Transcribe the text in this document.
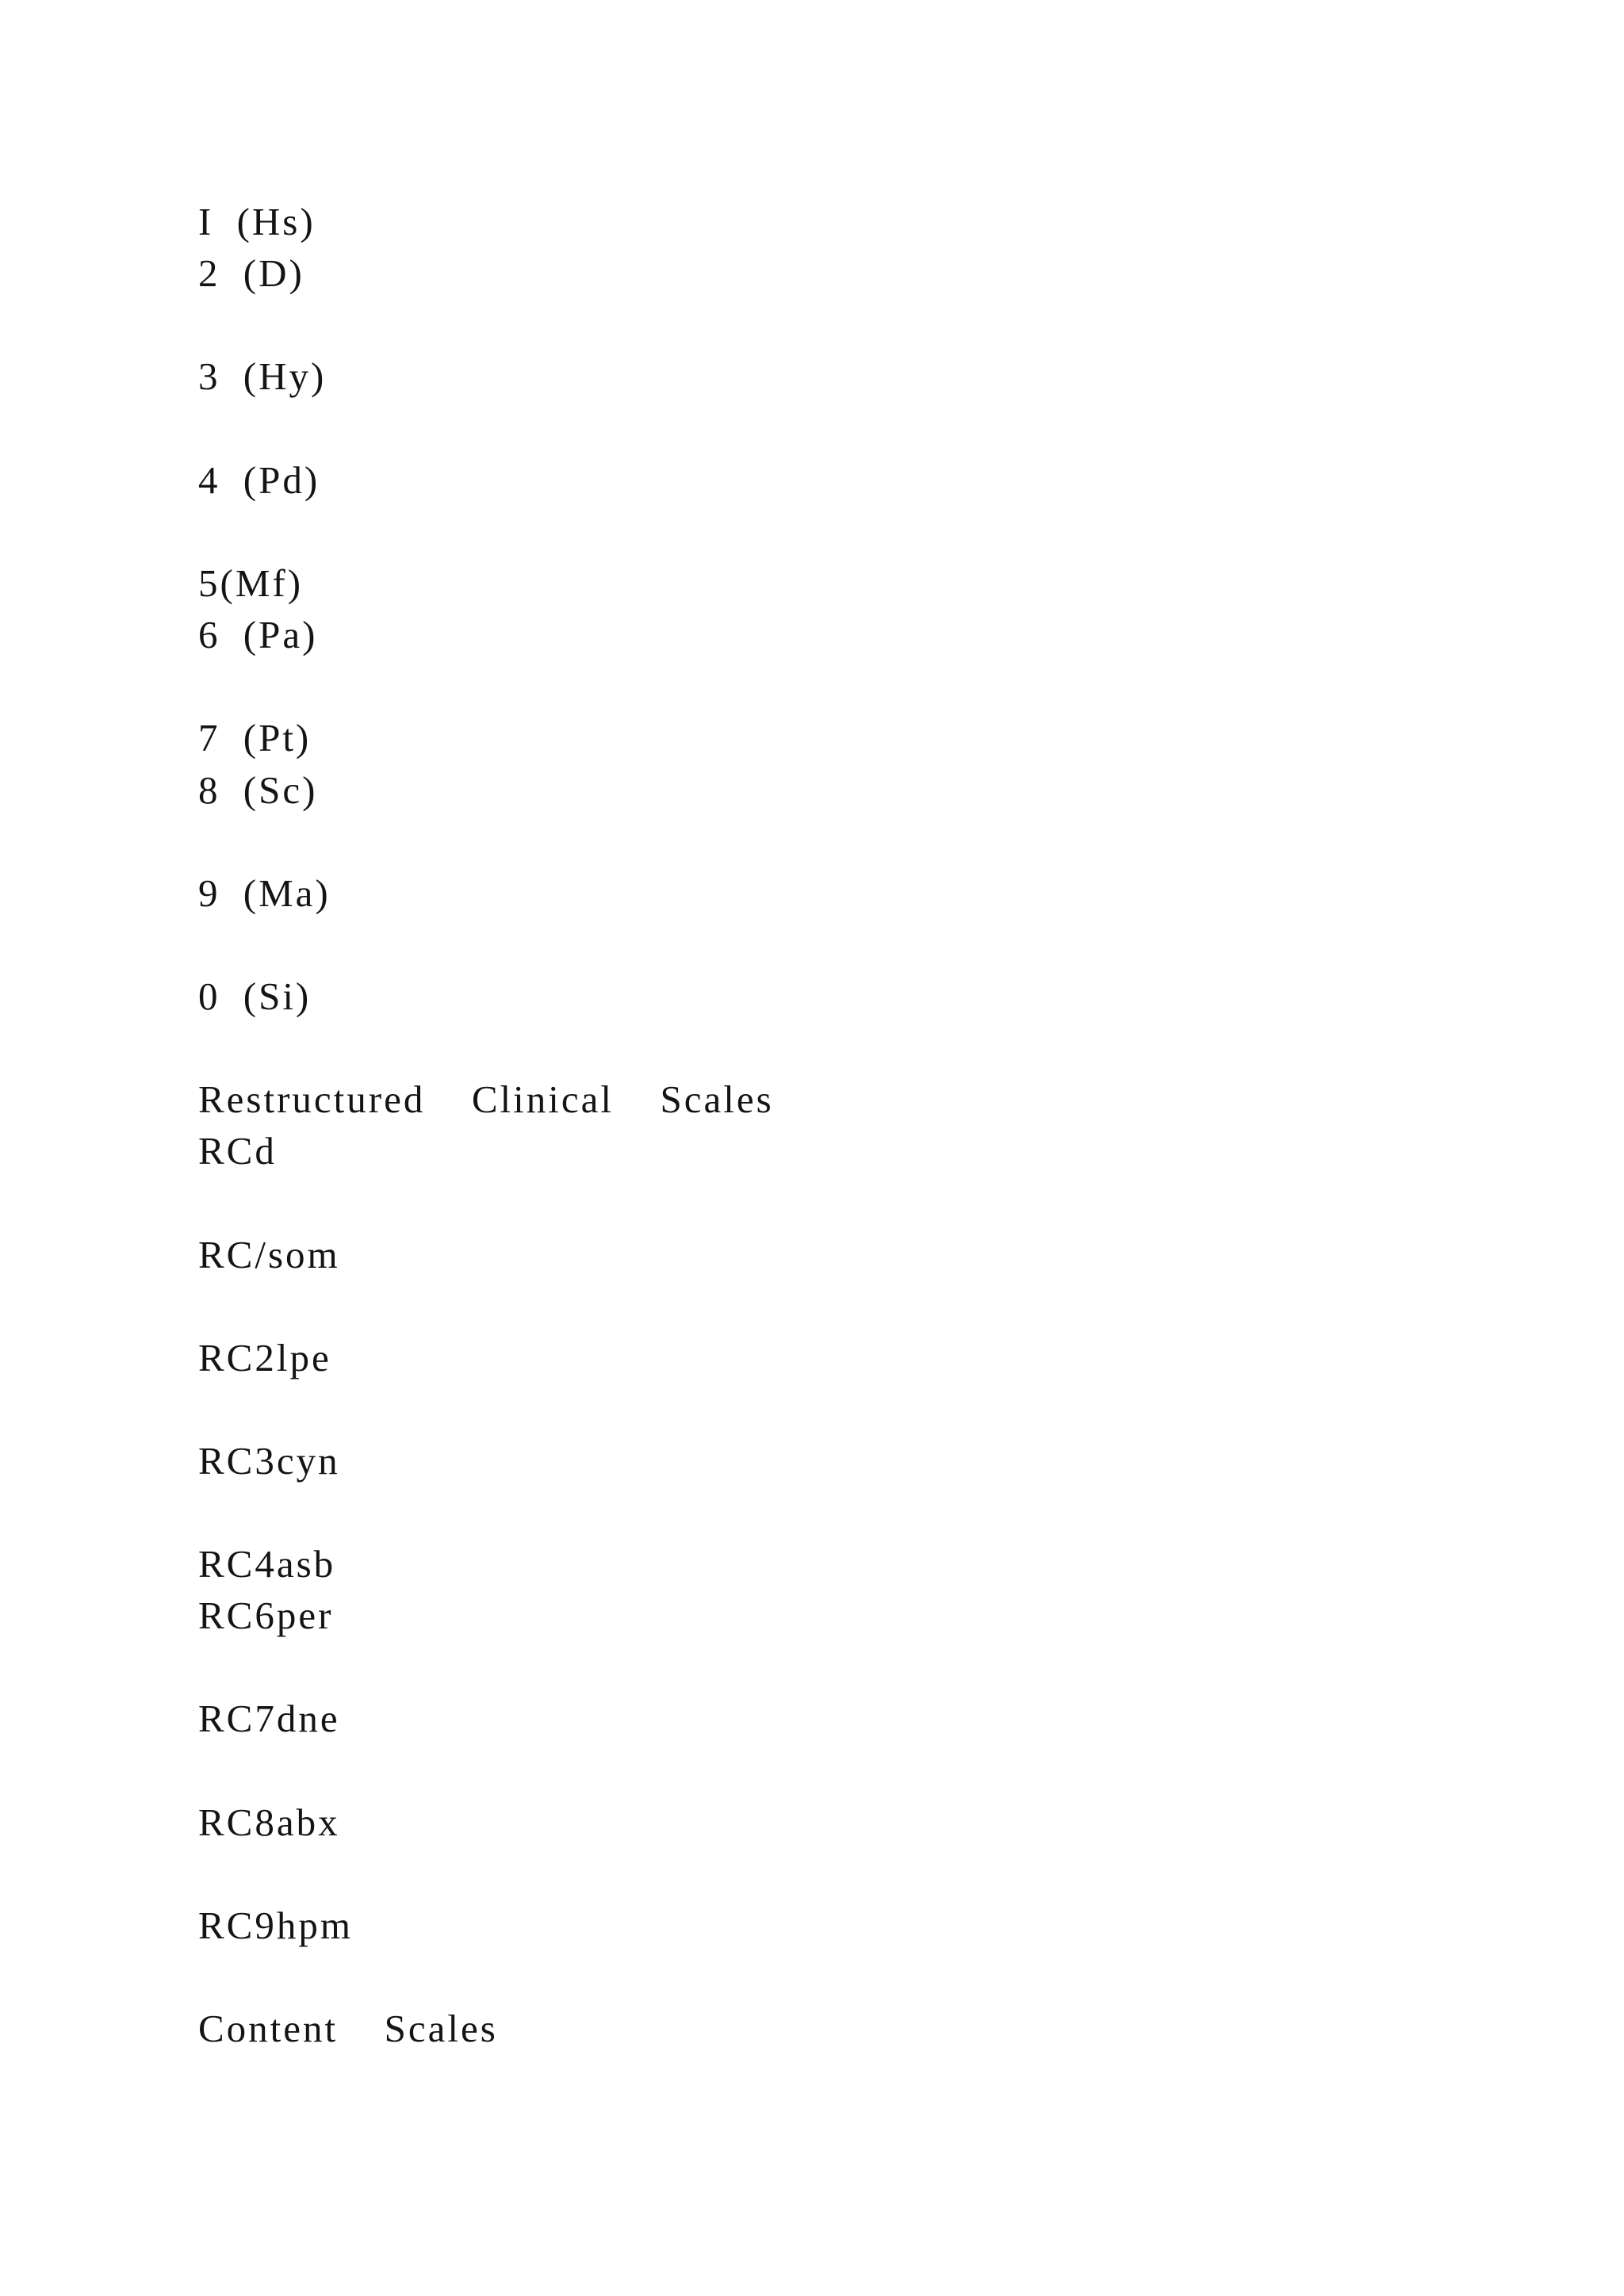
I (Hs)

2 (D)

3 (Hy)

4 (Pd)

5(Mf)

6 (Pa)

7 (Pt)

8 (Sc)

9 (Ma)

0 (Si)

Restructured  Clinical  Scales

RCd

RC/som

RC2lpe

RC3cyn

RC4asb

RC6per

RC7dne

RC8abx

RC9hpm

Content  Scales
